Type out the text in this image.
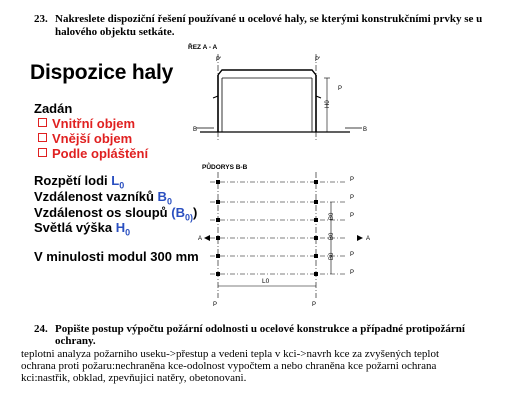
23. Nakreslete dispoziční řešení používané u ocelové haly, se kterými konstrukčními prvky se u halového objektu setkáte.
Dispozice haly
Zadán
Vnitřní objem
Vnější objem
Podle opláštění
Rozpětí lodi $L_0$
Vzdálenost vazníků $B_0$
Vzdálenost os sloupů $(B_{0)})$
Světlá výška $H_0$
V minulosti modul 300 mm
ŘEZ A - A
P'	P'
H0
P
B	B
PŮDORYS B-B
P
P
P
P
P
B0
B0
B0
A	A
L0
P	P
24. Popište postup výpočtu požární odolnosti u ocelové konstrukce a případné protipožární ochrany.
teplotni analyza požarniho useku->přestup a vedeni tepla v kci->navrh kce za zvyšených teplot
ochrana proti požaru:nechraněna kce-odolnost vypočtem a nebo chraněna kce požarni ochrana
kci:nastřik, obklad, zpevňujici natěry, obetonovani.
